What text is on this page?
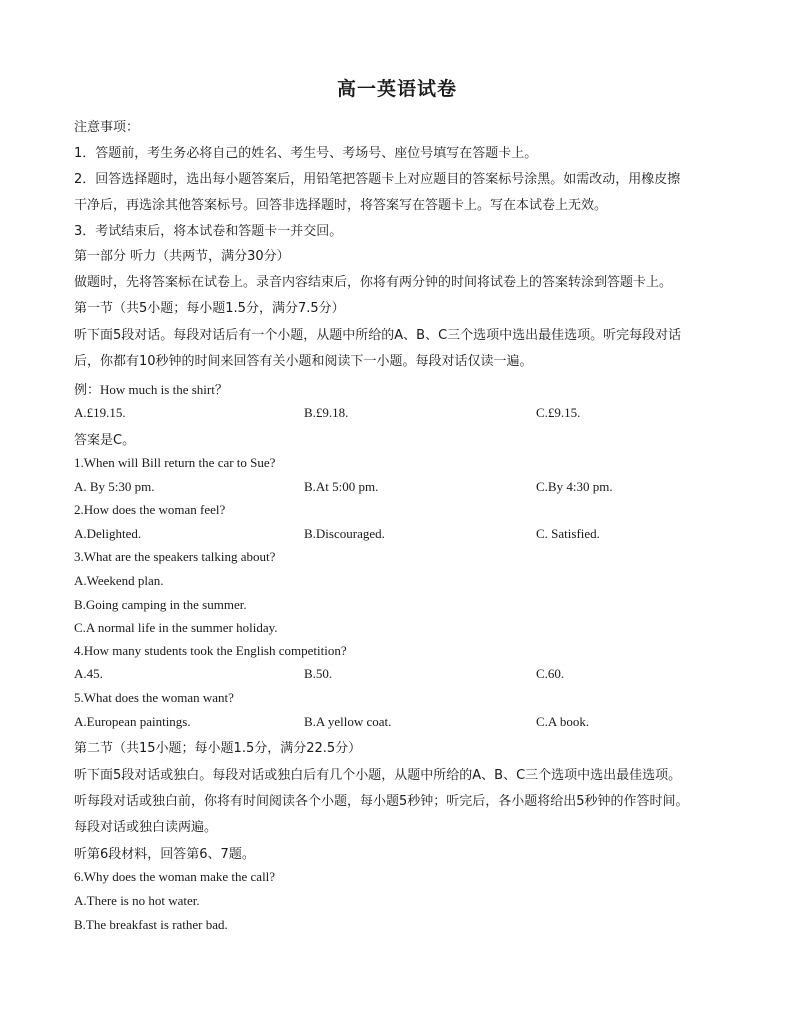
高一英语试卷
注意事项：
1．答题前，考生务必将自己的姓名、考生号、考场号、座位号填写在答题卡上。
2．回答选择题时，选出每小题答案后，用铅笔把答题卡上对应题目的答案标号涂黑。如需改动，用橡皮擦
干净后，再选涂其他答案标号。回答非选择题时，将答案写在答题卡上。写在本试卷上无效。
3．考试结束后，将本试卷和答题卡一并交回。
第一部分 听力（共两节，满分30分）
做题时，先将答案标在试卷上。录音内容结束后，你将有两分钟的时间将试卷上的答案转涂到答题卡上。
第一节（共5小题；每小题1.5分，满分7.5分）
听下面5段对话。每段对话后有一个小题，从题中所给的A、B、C三个选项中选出最佳选项。听完每段对话
后，你都有10秒钟的时间来回答有关小题和阅读下一小题。每段对话仅读一遍。
例：How much is the shirt？
A.£19.15.	B.£9.18.	C.£9.15.
答案是C。
1.When will Bill return the car to Sue?
A. By 5:30 pm.	B.At 5:00 pm.	C.By 4:30 pm.
2.How does the woman feel?
A.Delighted.	B.Discouraged.	C. Satisfied.
3.What are the speakers talking about?
A.Weekend plan.
B.Going camping in the summer.
C.A normal life in the summer holiday.
4.How many students took the English competition?
A.45.	B.50.	C.60.
5.What does the woman want?
A.European paintings.	B.A yellow coat.	C.A book.
第二节（共15小题；每小题1.5分，满分22.5分）
听下面5段对话或独白。每段对话或独白后有几个小题，从题中所给的A、B、C三个选项中选出最佳选项。
听每段对话或独白前，你将有时间阅读各个小题，每小题5秒钟；听完后，各小题将给出5秒钟的作答时间。
每段对话或独白读两遍。
听第6段材料，回答第6、7题。
6.Why does the woman make the call?
A.There is no hot water.
B.The breakfast is rather bad.
